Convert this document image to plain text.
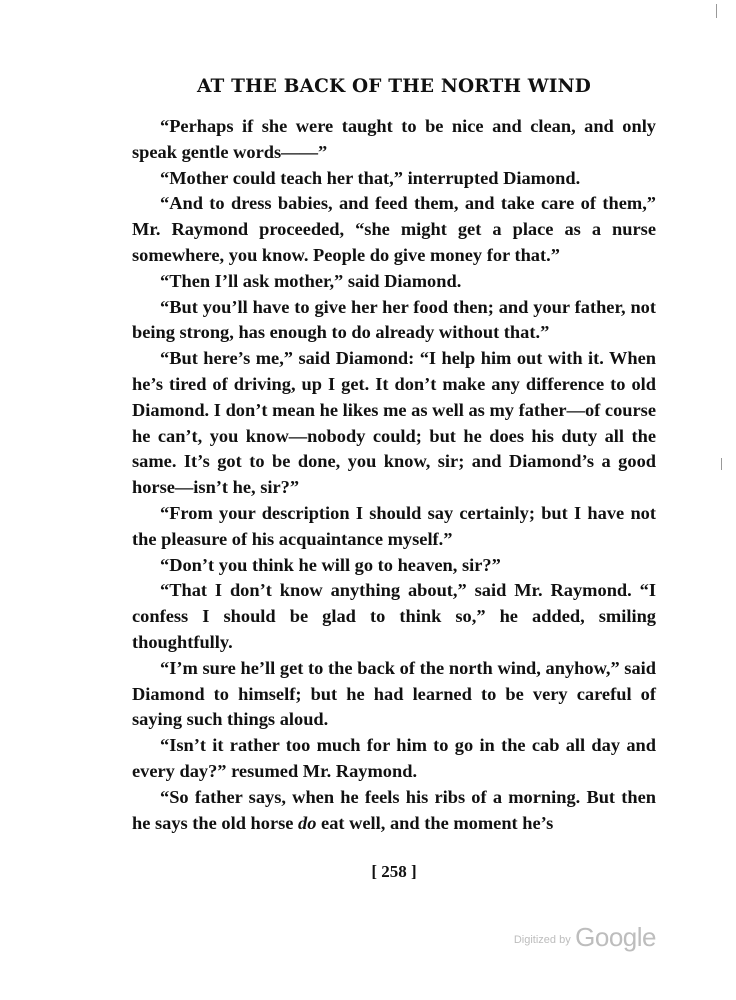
AT THE BACK OF THE NORTH WIND

“Perhaps if she were taught to be nice and clean, and only speak gentle words——”

“Mother could teach her that,” interrupted Diamond.

“And to dress babies, and feed them, and take care of them,” Mr. Raymond proceeded, “she might get a place as a nurse somewhere, you know. People do give money for that.”

“Then I’ll ask mother,” said Diamond.

“But you’ll have to give her her food then; and your father, not being strong, has enough to do already without that.”

“But here’s me,” said Diamond: “I help him out with it. When he’s tired of driving, up I get. It don’t make any difference to old Diamond. I don’t mean he likes me as well as my father—of course he can’t, you know—nobody could; but he does his duty all the same. It’s got to be done, you know, sir; and Diamond’s a good horse—isn’t he, sir?”

“From your description I should say certainly; but I have not the pleasure of his acquaintance myself.”

“Don’t you think he will go to heaven, sir?”

“That I don’t know anything about,” said Mr. Raymond. “I confess I should be glad to think so,” he added, smiling thoughtfully.

“I’m sure he’ll get to the back of the north wind, anyhow,” said Diamond to himself; but he had learned to be very careful of saying such things aloud.

“Isn’t it rather too much for him to go in the cab all day and every day?” resumed Mr. Raymond.

“So father says, when he feels his ribs of a morning. But then he says the old horse do eat well, and the moment he’s

[ 258 ]
Digitized by Google
